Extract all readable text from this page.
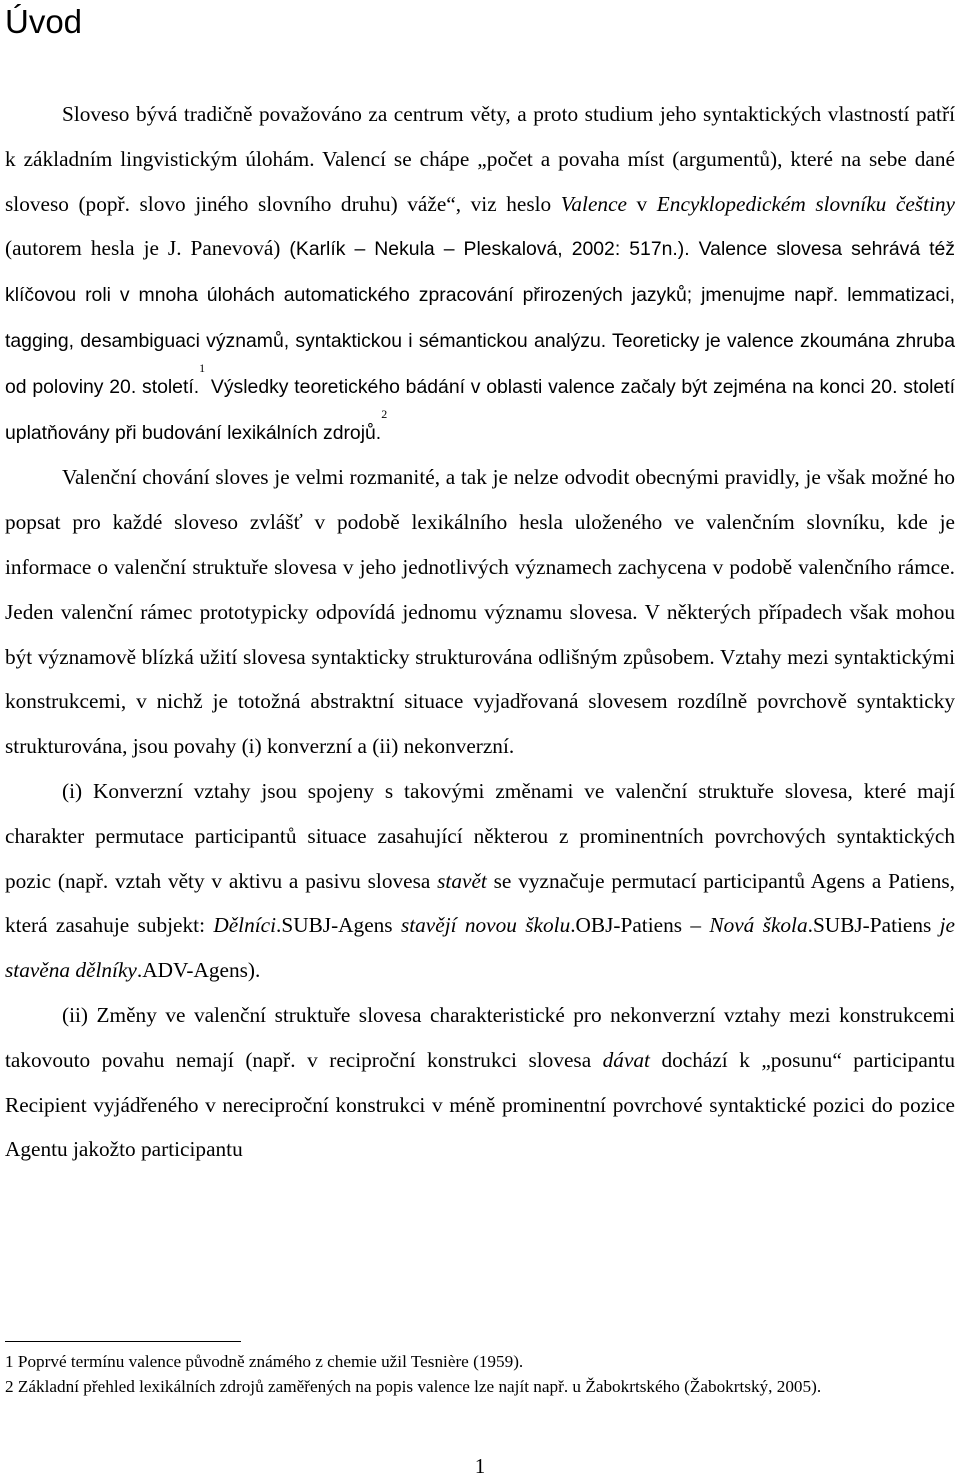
Úvod

Sloveso bývá tradičně považováno za centrum věty, a proto studium jeho syntaktických vlastností patří k základním lingvistickým úlohám. Valencí se chápe „počet a povaha míst (argumentů), které na sebe dané sloveso (popř. slovo jiného slovního druhu) váže“, viz heslo Valence v Encyklopedickém slovníku češtiny (autorem hesla je J. Panevová) (Karlík – Nekula – Pleskalová, 2002: 517n.). Valence slovesa sehrává též klíčovou roli v mnoha úlohách automatického zpracování přirozených jazyků; jmenujme např. lemmatizaci, tagging, desambiguaci významů, syntaktickou i sémantickou analýzu. Teoreticky je valence zkoumána zhruba od poloviny 20. století.$^1$ Výsledky teoretického bádání v oblasti valence začaly být zejména na konci 20. století uplatňovány při budování lexikálních zdrojů.$^2$

Valenční chování sloves je velmi rozmanité, a tak je nelze odvodit obecnými pravidly, je však možné ho popsat pro každé sloveso zvlášť v podobě lexikálního hesla uloženého ve valenčním slovníku, kde je informace o valenční struktuře slovesa v jeho jednotlivých významech zachycena v podobě valenčního rámce. Jeden valenční rámec prototypicky odpovídá jednomu významu slovesa. V některých případech však mohou být významově blízká užití slovesa syntakticky strukturována odlišným způsobem. Vztahy mezi syntaktickými konstrukcemi, v nichž je totožná abstraktní situace vyjadřovaná slovesem rozdílně povrchově syntakticky strukturována, jsou povahy (i) konverzní a (ii) nekonverzní.

(i) Konverzní vztahy jsou spojeny s takovými změnami ve valenční struktuře slovesa, které mají charakter permutace participantů situace zasahující některou z prominentních povrchových syntaktických pozic (např. vztah věty v aktivu a pasivu slovesa stavět se vyznačuje permutací participantů Agens a Patiens, která zasahuje subjekt: Dělníci.SUBJ-Agens stavějí novou školu.OBJ-Patiens – Nová škola.SUBJ-Patiens je stavěna dělníky.ADV-Agens).

(ii) Změny ve valenční struktuře slovesa charakteristické pro nekonverzní vztahy mezi konstrukcemi takovouto povahu nemají (např. v reciproční konstrukci slovesa dávat dochází k „posunu“ participantu Recipient vyjádřeného v nereciproční konstrukci v méně prominentní povrchové syntaktické pozici do pozice Agentu jakožto participantu

1 Poprvé termínu valence původně známého z chemie užil Tesnière (1959).

2 Základní přehled lexikálních zdrojů zaměřených na popis valence lze najít např. u Žabokrtského (Žabokrtský, 2005).

1
